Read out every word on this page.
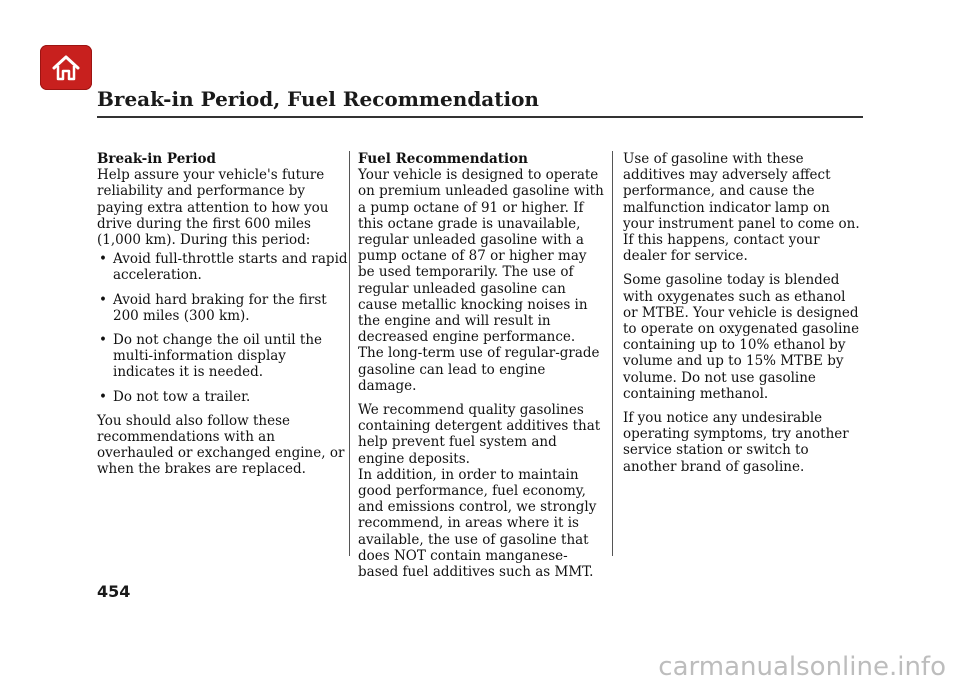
Break-in Period, Fuel Recommendation
Break-in Period

Help assure your vehicle's future reliability and performance by paying extra attention to how you drive during the first 600 miles (1,000 km). During this period:

• Avoid full-throttle starts and rapid acceleration.
• Avoid hard braking for the first 200 miles (300 km).
• Do not change the oil until the multi-information display indicates it is needed.
• Do not tow a trailer.

You should also follow these recommendations with an overhauled or exchanged engine, or when the brakes are replaced.

Fuel Recommendation

Your vehicle is designed to operate on premium unleaded gasoline with a pump octane of 91 or higher. If this octane grade is unavailable, regular unleaded gasoline with a pump octane of 87 or higher may be used temporarily. The use of regular unleaded gasoline can cause metallic knocking noises in the engine and will result in decreased engine performance. The long-term use of regular-grade gasoline can lead to engine damage.

We recommend quality gasolines containing detergent additives that help prevent fuel system and engine deposits.

In addition, in order to maintain good performance, fuel economy, and emissions control, we strongly recommend, in areas where it is available, the use of gasoline that does NOT contain manganese-based fuel additives such as MMT.

Use of gasoline with these additives may adversely affect performance, and cause the malfunction indicator lamp on your instrument panel to come on. If this happens, contact your dealer for service.

Some gasoline today is blended with oxygenates such as ethanol or MTBE. Your vehicle is designed to operate on oxygenated gasoline containing up to 10% ethanol by volume and up to 15% MTBE by volume. Do not use gasoline containing methanol.

If you notice any undesirable operating symptoms, try another service station or switch to another brand of gasoline.

454
carmanualsonline.info
